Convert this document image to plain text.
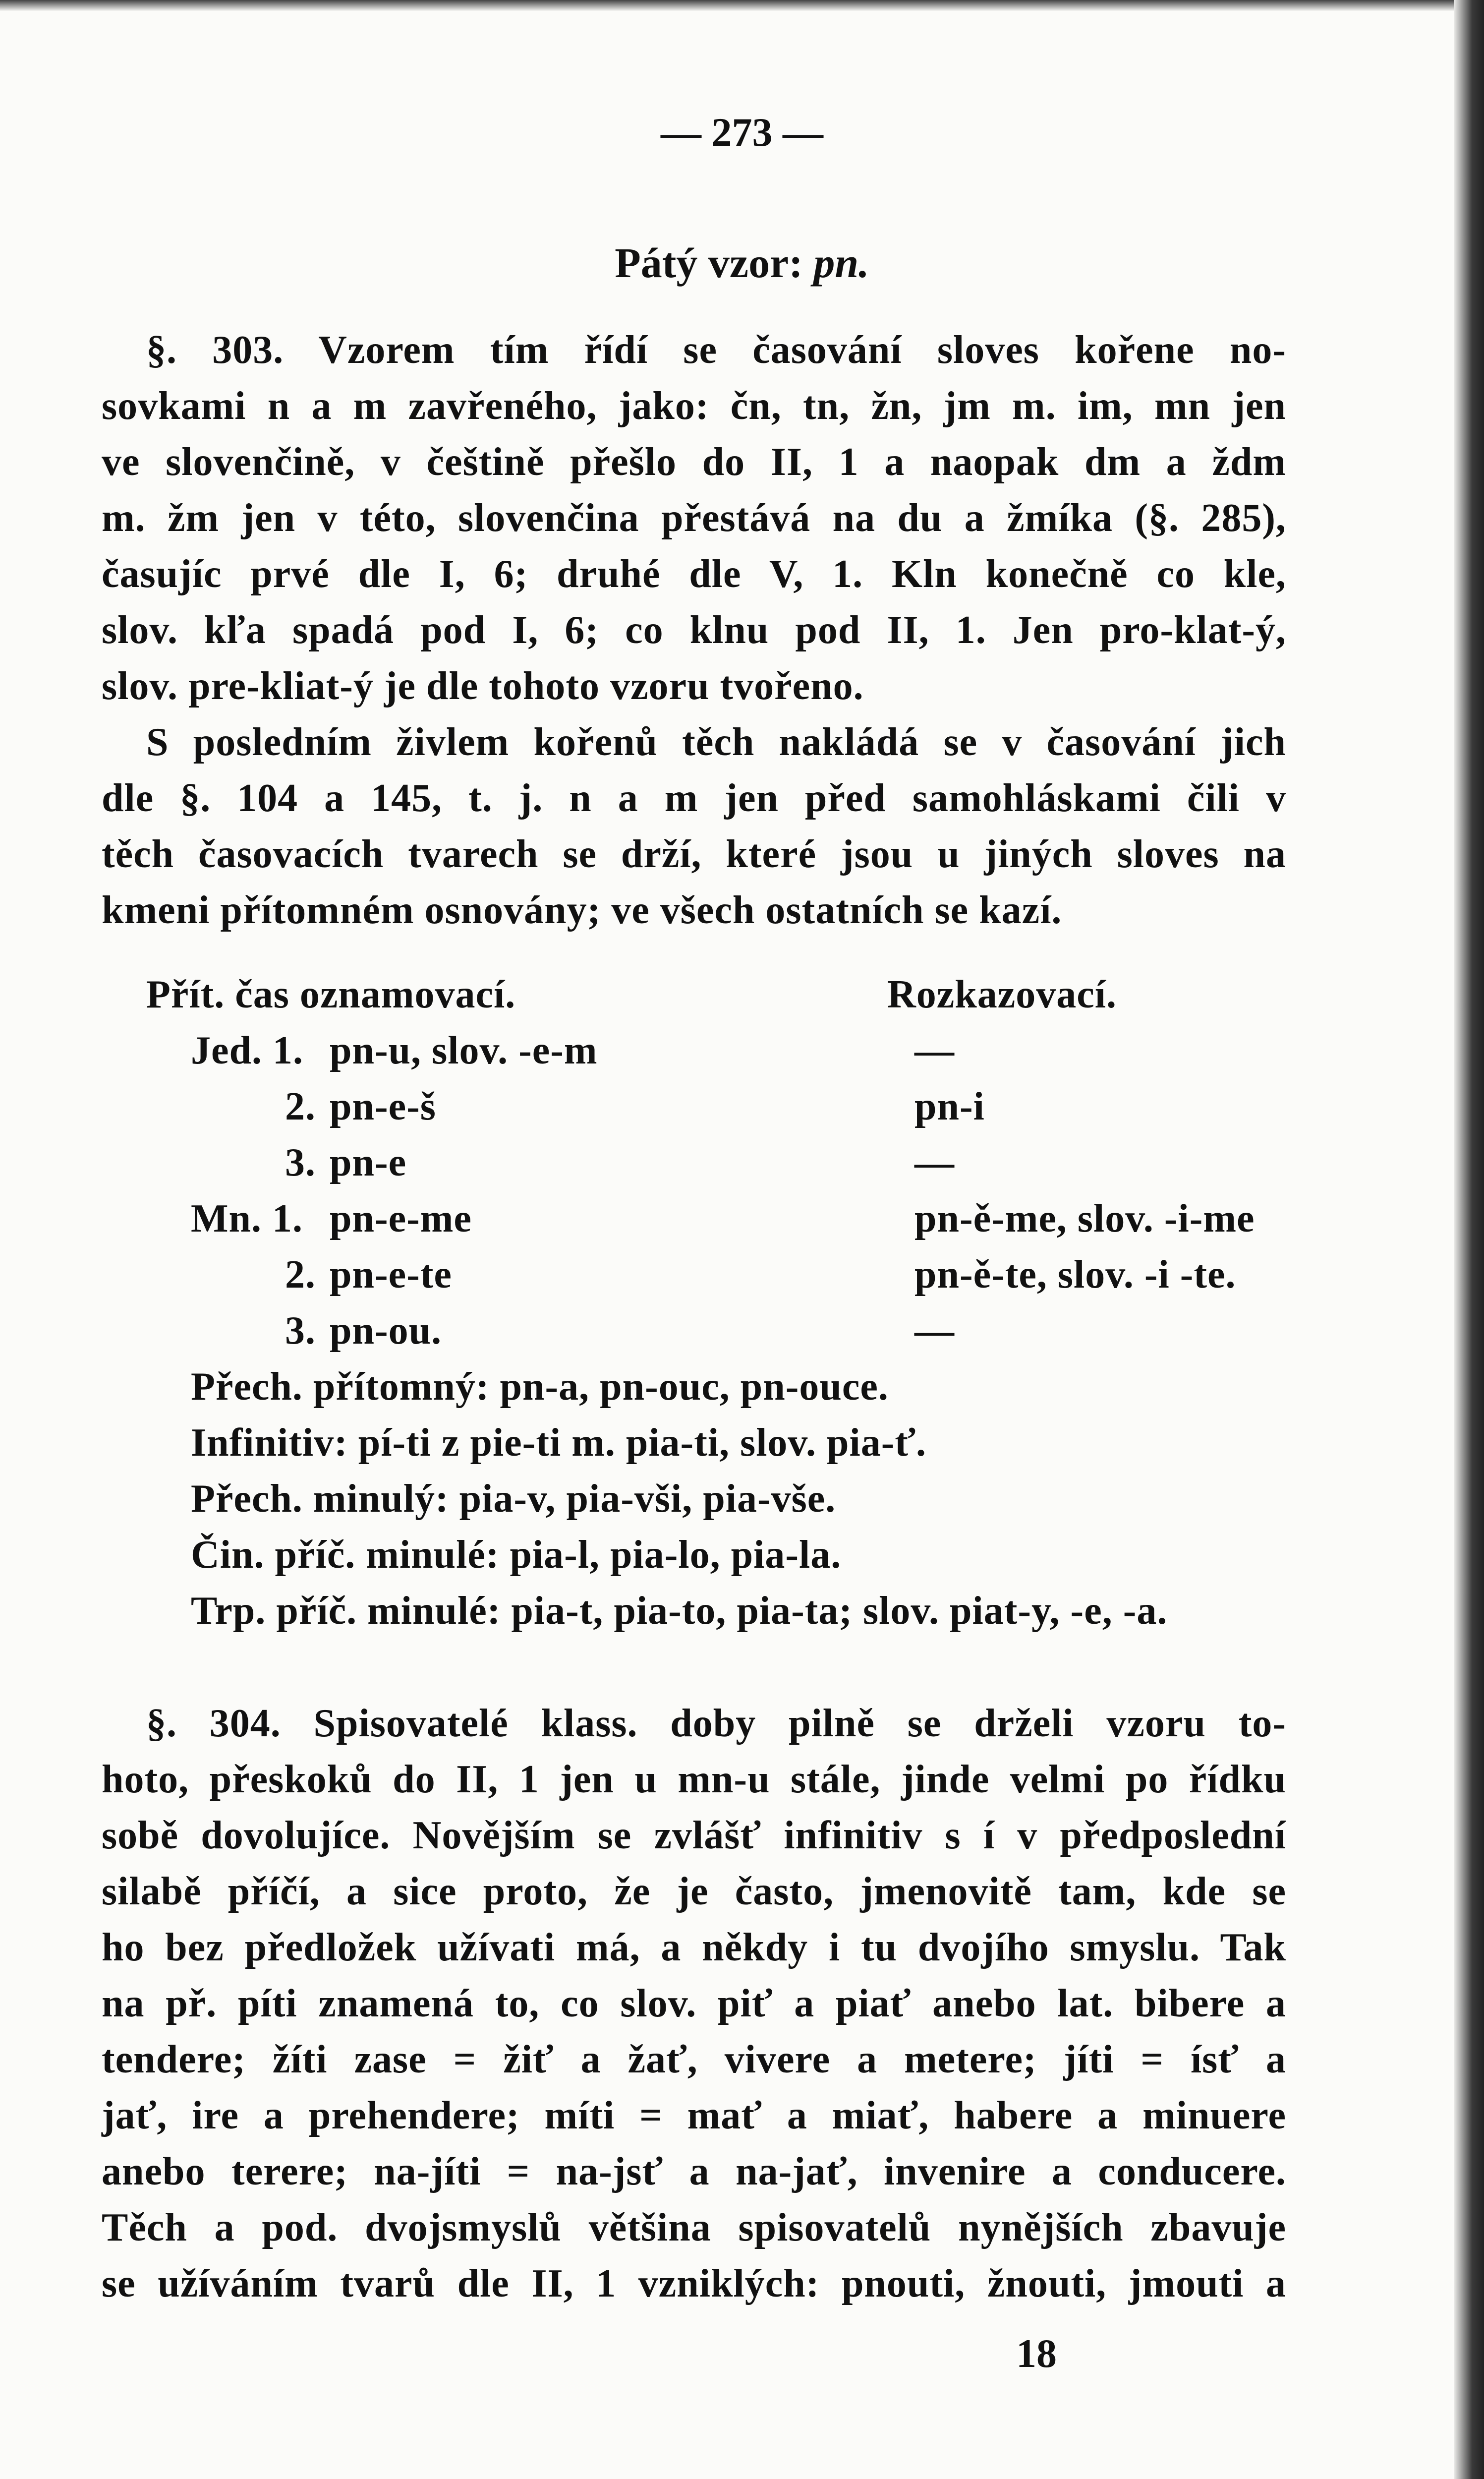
— 273 —
Pátý vzor: pn.

§. 303. Vzorem tím řídí se časování sloves kořene no-

sovkami n a m zavřeného, jako: čn, tn, žn, jm m. im, mn jen

ve slovenčině, v češtině přešlo do II, 1 a naopak dm a ždm

m. žm jen v této, slovenčina přestává na du a žmíka (§. 285),

časujíc prvé dle I, 6; druhé dle V, 1. Kln konečně co kle,

slov. kľa spadá pod I, 6; co klnu pod II, 1. Jen pro-klat-ý,

slov. pre-kliat-ý je dle tohoto vzoru tvořeno.

S posledním živlem kořenů těch nakládá se v časování jich

dle §. 104 a 145, t. j. n a m jen před samohláskami čili v

těch časovacích tvarech se drží, které jsou u jiných sloves na

kmeni přítomném osnovány; ve všech ostatních se kazí.

Přít. čas oznamovací.	Rozkazovací.
Jed. 1. pn-u, slov. -e-m	—
2. pn-e-š	pn-i
3. pn-e	—
Mn. 1. pn-e-me	pn-ě-me, slov. -i-me
2. pn-e-te	pn-ě-te, slov. -i -te.
3. pn-ou.	—
Přech. přítomný: pn-a, pn-ouc, pn-ouce.
Infinitiv: pí-ti z pie-ti m. pia-ti, slov. pia-ť.
Přech. minulý: pia-v, pia-vši, pia-vše.
Čin. příč. minulé: pia-l, pia-lo, pia-la.
Trp. příč. minulé: pia-t, pia-to, pia-ta; slov. piat-y, -e, -a.

§. 304. Spisovatelé klass. doby pilně se drželi vzoru to-

hoto, přeskoků do II, 1 jen u mn-u stále, jinde velmi po řídku

sobě dovolujíce. Novějším se zvlášť infinitiv s í v předposlední

silabě příčí, a sice proto, že je často, jmenovitě tam, kde se

ho bez předložek užívati má, a někdy i tu dvojího smyslu. Tak

na př. píti znamená to, co slov. piť a piať anebo lat. bibere a

tendere; žíti zase = žiť a žať, vivere a metere; jíti = ísť a

jať, ire a prehendere; míti = mať a miať, habere a minuere

anebo terere; na-jíti = na-jsť a na-jať, invenire a conducere.

Těch a pod. dvojsmyslů většina spisovatelů nynějších zbavuje

se užíváním tvarů dle II, 1 vzniklých: pnouti, žnouti, jmouti a

18
